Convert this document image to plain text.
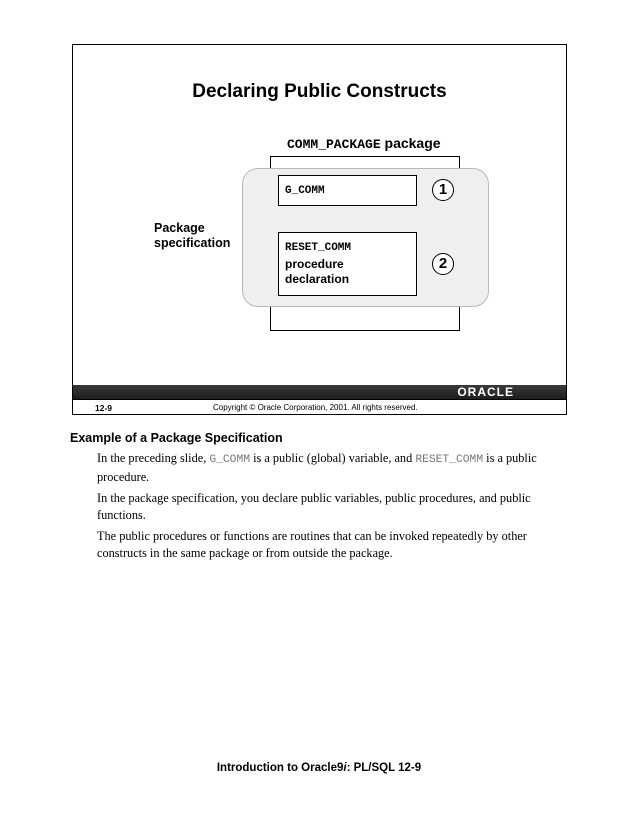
Declaring Public Constructs
COMM_PACKAGE package
G_COMM
RESET_COMM
procedure
declaration
1
2
Package
specification
ORACLE
12-9	Copyright © Oracle Corporation, 2001. All rights reserved.
Example of a Package Specification

In the preceding slide, G_COMM is a public (global) variable, and RESET_COMM is a public procedure.

In the package specification, you declare public variables, public procedures, and public functions.

The public procedures or functions are routines that can be invoked repeatedly by other constructs in the same package or from outside the package.

Introduction to Oracle9i: PL/SQL 12-9
